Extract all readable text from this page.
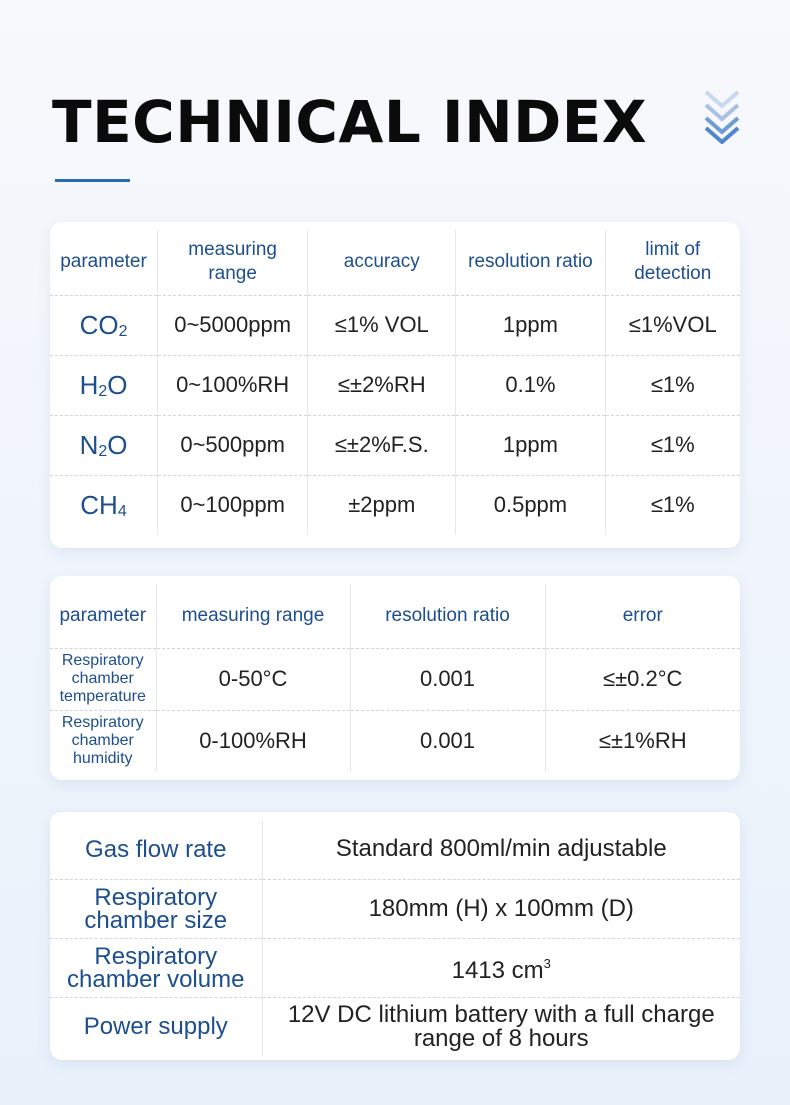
TECHNICAL INDEX
parameter	measuring range	accuracy	resolution ratio	limit of detection
$CO_2$	0~5000ppm	≤1% VOL	1ppm	≤1%VOL
$H_2O$	0~100%RH	≤±2%RH	0.1%	≤1%
$N_2O$	0~500ppm	≤±2%F.S.	1ppm	≤1%
$CH_4$	0~100ppm	±2ppm	0.5ppm	≤1%
parameter	measuring range	resolution ratio	error
Respiratory chamber temperature	0-50°C	0.001	≤±0.2°C
Respiratory chamber humidity	0-100%RH	0.001	≤±1%RH
Gas flow rate	Standard 800ml/min adjustable
Respiratory chamber size	180mm (H) x 100mm (D)
Respiratory chamber volume	1413 $cm^3$
Power supply	12V DC lithium battery with a full charge range of 8 hours
